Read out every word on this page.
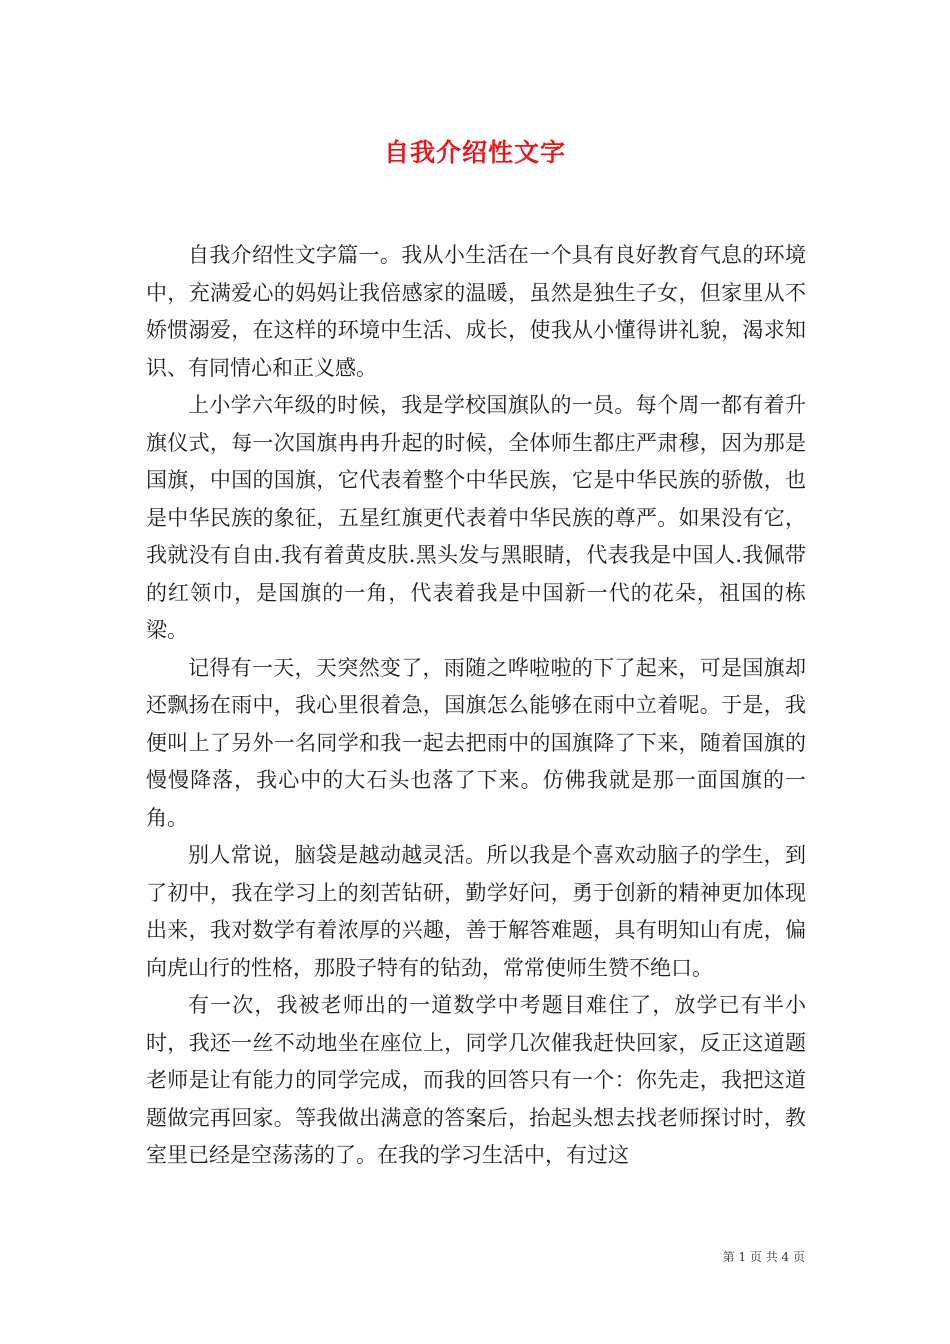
自我介绍性文字

自我介绍性文字篇一。我从小生活在一个具有良好教育气息的环境中，充满爱心的妈妈让我倍感家的温暖，虽然是独生子女，但家里从不娇惯溺爱，在这样的环境中生活、成长，使我从小懂得讲礼貌，渴求知识、有同情心和正义感。

上小学六年级的时候，我是学校国旗队的一员。每个周一都有着升旗仪式，每一次国旗冉冉升起的时候，全体师生都庄严肃穆，因为那是国旗，中国的国旗，它代表着整个中华民族，它是中华民族的骄傲，也是中华民族的象征，五星红旗更代表着中华民族的尊严。如果没有它，我就没有自由.我有着黄皮肤.黑头发与黑眼睛，代表我是中国人.我佩带的红领巾，是国旗的一角，代表着我是中国新一代的花朵，祖国的栋梁。

记得有一天，天突然变了，雨随之哗啦啦的下了起来，可是国旗却还飘扬在雨中，我心里很着急，国旗怎么能够在雨中立着呢。于是，我便叫上了另外一名同学和我一起去把雨中的国旗降了下来，随着国旗的慢慢降落，我心中的大石头也落了下来。仿佛我就是那一面国旗的一角。

别人常说，脑袋是越动越灵活。所以我是个喜欢动脑子的学生，到了初中，我在学习上的刻苦钻研，勤学好问，勇于创新的精神更加体现出来，我对数学有着浓厚的兴趣，善于解答难题，具有明知山有虎，偏向虎山行的性格，那股子特有的钻劲，常常使师生赞不绝口。

有一次，我被老师出的一道数学中考题目难住了，放学已有半小时，我还一丝不动地坐在座位上，同学几次催我赶快回家，反正这道题老师是让有能力的同学完成，而我的回答只有一个：你先走，我把这道题做完再回家。等我做出满意的答案后，抬起头想去找老师探讨时，教室里已经是空荡荡的了。在我的学习生活中，有过这

第 1 页 共 4 页
